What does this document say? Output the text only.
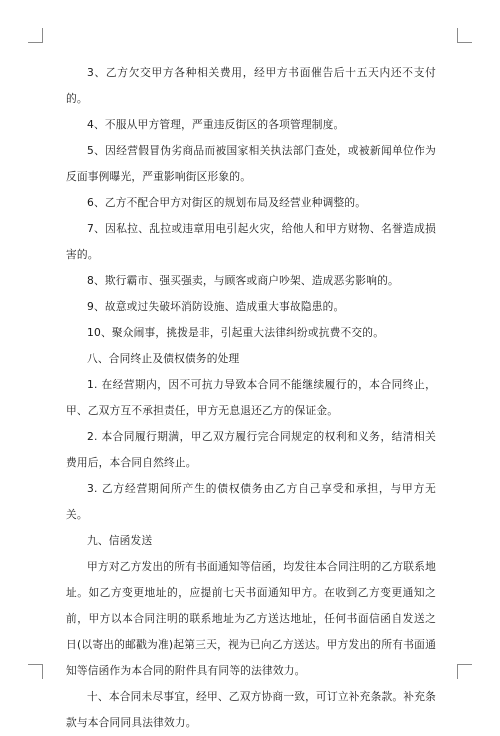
3、乙方欠交甲方各种相关费用，经甲方书面催告后十五天内还不支付的。

4、不服从甲方管理，严重违反街区的各项管理制度。

5、因经营假冒伪劣商品而被国家相关执法部门查处，或被新闻单位作为反面事例曝光，严重影响街区形象的。

6、乙方不配合甲方对街区的规划布局及经营业种调整的。

7、因私拉、乱拉或违章用电引起火灾，给他人和甲方财物、名誉造成损害的。

8、欺行霸市、强买强卖，与顾客或商户吵架、造成恶劣影响的。

9、故意或过失破坏消防设施、造成重大事故隐患的。

10、聚众闹事，挑拨是非，引起重大法律纠纷或抗费不交的。

八、合同终止及债权债务的处理

1. 在经营期内，因不可抗力导致本合同不能继续履行的，本合同终止，甲、乙双方互不承担责任，甲方无息退还乙方的保证金。

2. 本合同履行期满，甲乙双方履行完合同规定的权利和义务，结清相关费用后，本合同自然终止。

3. 乙方经营期间所产生的债权债务由乙方自己享受和承担，与甲方无关。

九、信函发送

甲方对乙方发出的所有书面通知等信函，均发往本合同注明的乙方联系地址。如乙方变更地址的，应提前七天书面通知甲方。在收到乙方变更通知之前，甲方以本合同注明的联系地址为乙方送达地址，任何书面信函自发送之日(以寄出的邮戳为准)起第三天，视为已向乙方送达。甲方发出的所有书面通知等信函作为本合同的附件具有同等的法律效力。

十、本合同未尽事宜，经甲、乙双方协商一致，可订立补充条款。补充条款与本合同同具法律效力。
